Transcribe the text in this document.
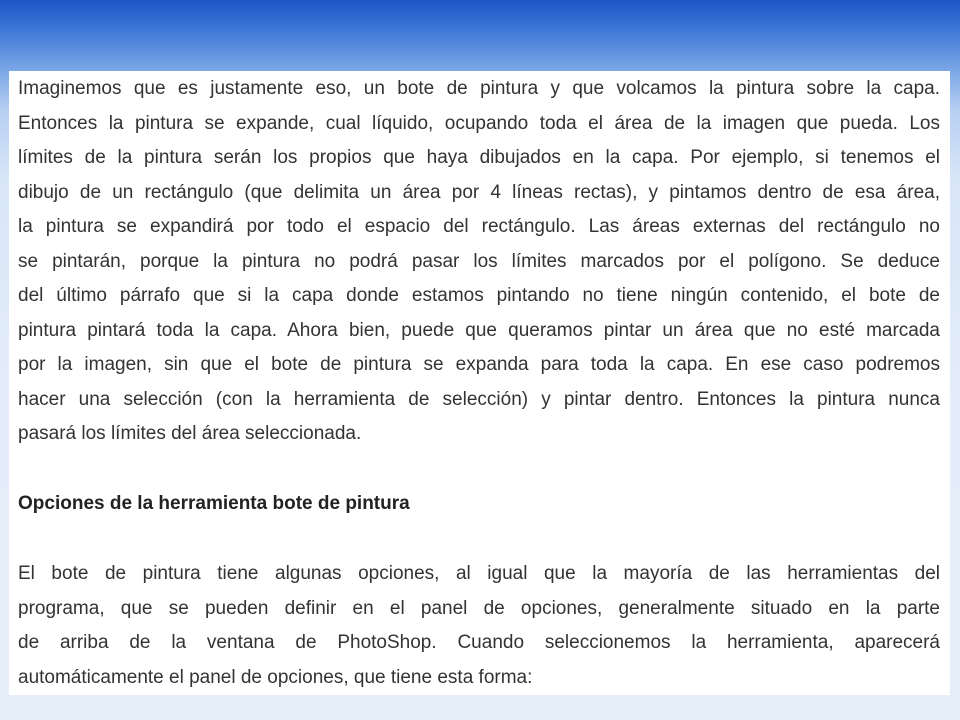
Imaginemos que es justamente eso, un bote de pintura y que volcamos la pintura sobre la capa.
Entonces la pintura se expande, cual líquido, ocupando toda el área de la imagen que pueda. Los
límites de la pintura serán los propios que haya dibujados en la capa. Por ejemplo, si tenemos el
dibujo de un rectángulo (que delimita un área por 4 líneas rectas), y pintamos dentro de esa área,
la pintura se expandirá por todo el espacio del rectángulo. Las áreas externas del rectángulo no
se pintarán, porque la pintura no podrá pasar los límites marcados por el polígono. Se deduce
del último párrafo que si la capa donde estamos pintando no tiene ningún contenido, el bote de
pintura pintará toda la capa. Ahora bien, puede que queramos pintar un área que no esté marcada
por la imagen, sin que el bote de pintura se expanda para toda la capa. En ese caso podremos
hacer una selección (con la herramienta de selección) y pintar dentro. Entonces la pintura nunca
pasará los límites del área seleccionada.
Opciones de la herramienta bote de pintura
El bote de pintura tiene algunas opciones, al igual que la mayoría de las herramientas del
programa, que se pueden definir en el panel de opciones, generalmente situado en la parte
de arriba de la ventana de PhotoShop. Cuando seleccionemos la herramienta, aparecerá
automáticamente el panel de opciones, que tiene esta forma:
